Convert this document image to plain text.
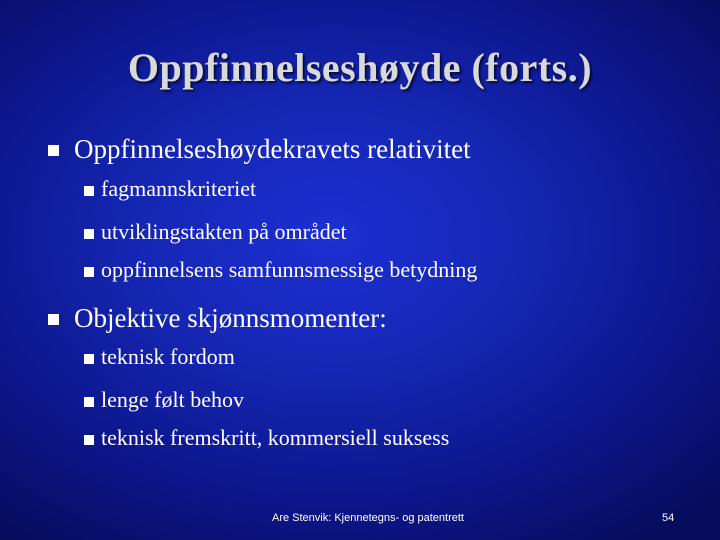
Oppfinnelseshøyde (forts.)
Oppfinnelseshøydekravets relativitet
fagmannskriteriet
utviklingstakten på området
oppfinnelsens samfunnsmessige betydning
Objektive skjønnsmomenter:
teknisk fordom
lenge følt behov
teknisk fremskritt, kommersiell suksess
Are Stenvik: Kjennetegns- og patentrett	54
